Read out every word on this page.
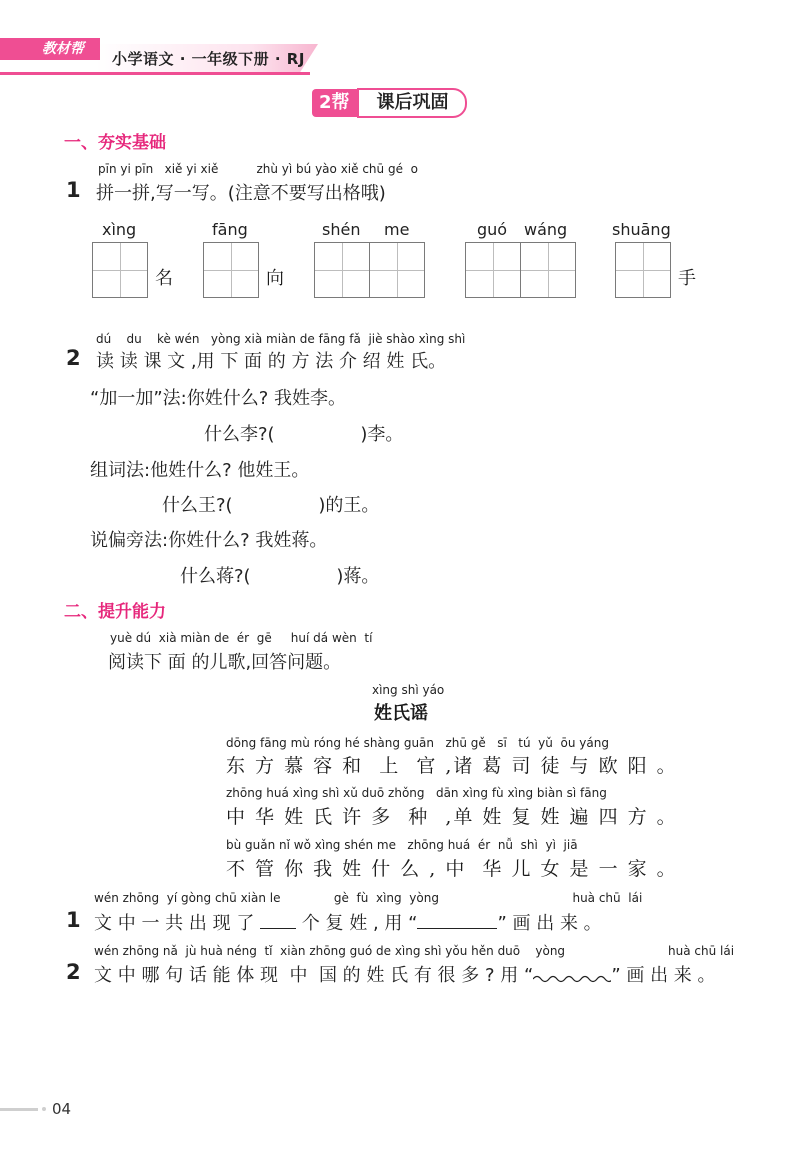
教材帮
小学语文 · 一年级下册 · RJ
2帮	课后巩固
一、夯实基础
pīn yi pīn   xiě yi xiě          zhù yì bú yào xiě chū gé  o
1 拼一拼,写一写。(注意不要写出格哦)
xìng	fāng	shén me	guó wáng	shuāng
名	向	手
dú    du    kè wén   yòng xià miàn de fāng fǎ  jiè shào xìng shì
2 读 读 课 文 ,用 下 面 的 方 法 介 绍 姓 氏。
“加一加”法:你姓什么? 我姓李。
什么李?(               )李。
组词法:他姓什么? 他姓王。
什么王?(               )的王。
说偏旁法:你姓什么? 我姓蒋。
什么蒋?(               )蒋。
二、提升能力
yuè dú  xià miàn de  ér  gē     huí dá wèn  tí
阅读下 面 的儿歌,回答问题。
xìng shì yáo
姓氏谣
dōng fāng mù róng hé shàng guān   zhū gě   sī   tú  yǔ  ōu yáng
东 方 慕 容 和  上  官 ,诸 葛 司 徒 与 欧 阳 。
zhōng huá xìng shì xǔ duō zhǒng   dān xìng fù xìng biàn sì fāng
中 华 姓 氏 许 多  种  ,单 姓 复 姓 遍 四 方 。
bù guǎn nǐ wǒ xìng shén me   zhōng huá  ér  nǚ  shì  yì  jiā
不 管 你 我 姓 什 么 , 中  华 儿 女 是 一 家 。
wén zhōng  yí gòng chū xiàn le              gè  fù  xìng  yòng                                   huà chū  lái
1 文 中 一 共 出 现 了	个 复 姓 , 用 “	” 画 出 来 。
wén zhōng nǎ  jù huà néng  tǐ  xiàn zhōng guó de xìng shì yǒu hěn duō    yòng                           huà chū lái
2 文 中 哪 句 话 能 体 现  中  国 的 姓 氏 有 很 多 ? 用 “	” 画 出 来 。
04
